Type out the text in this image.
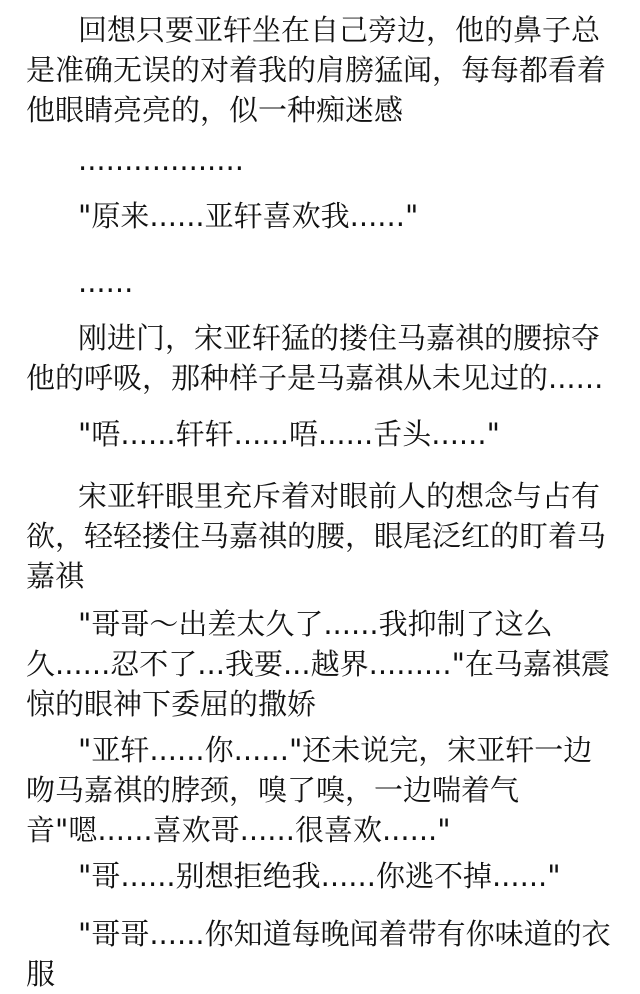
回想只要亚轩坐在自己旁边，他的鼻子总是准确无误的对着我的肩膀猛闻，每每都看着他眼睛亮亮的，似一种痴迷感

..................

"原来......亚轩喜欢我......"

......

刚进门，宋亚轩猛的搂住马嘉祺的腰掠夺他的呼吸，那种样子是马嘉祺从未见过的......

"唔......轩轩......唔......舌头......"

宋亚轩眼里充斥着对眼前人的想念与占有欲，轻轻搂住马嘉祺的腰，眼尾泛红的盯着马嘉祺

"哥哥～出差太久了......我抑制了这么久......忍不了...我要...越界........."在马嘉祺震惊的眼神下委屈的撒娇

"亚轩......你......"还未说完，宋亚轩一边吻马嘉祺的脖颈，嗅了嗅，一边喘着气音"嗯......喜欢哥......很喜欢......"

"哥......别想拒绝我......你逃不掉......"

"哥哥......你知道每晚闻着带有你味道的衣服
